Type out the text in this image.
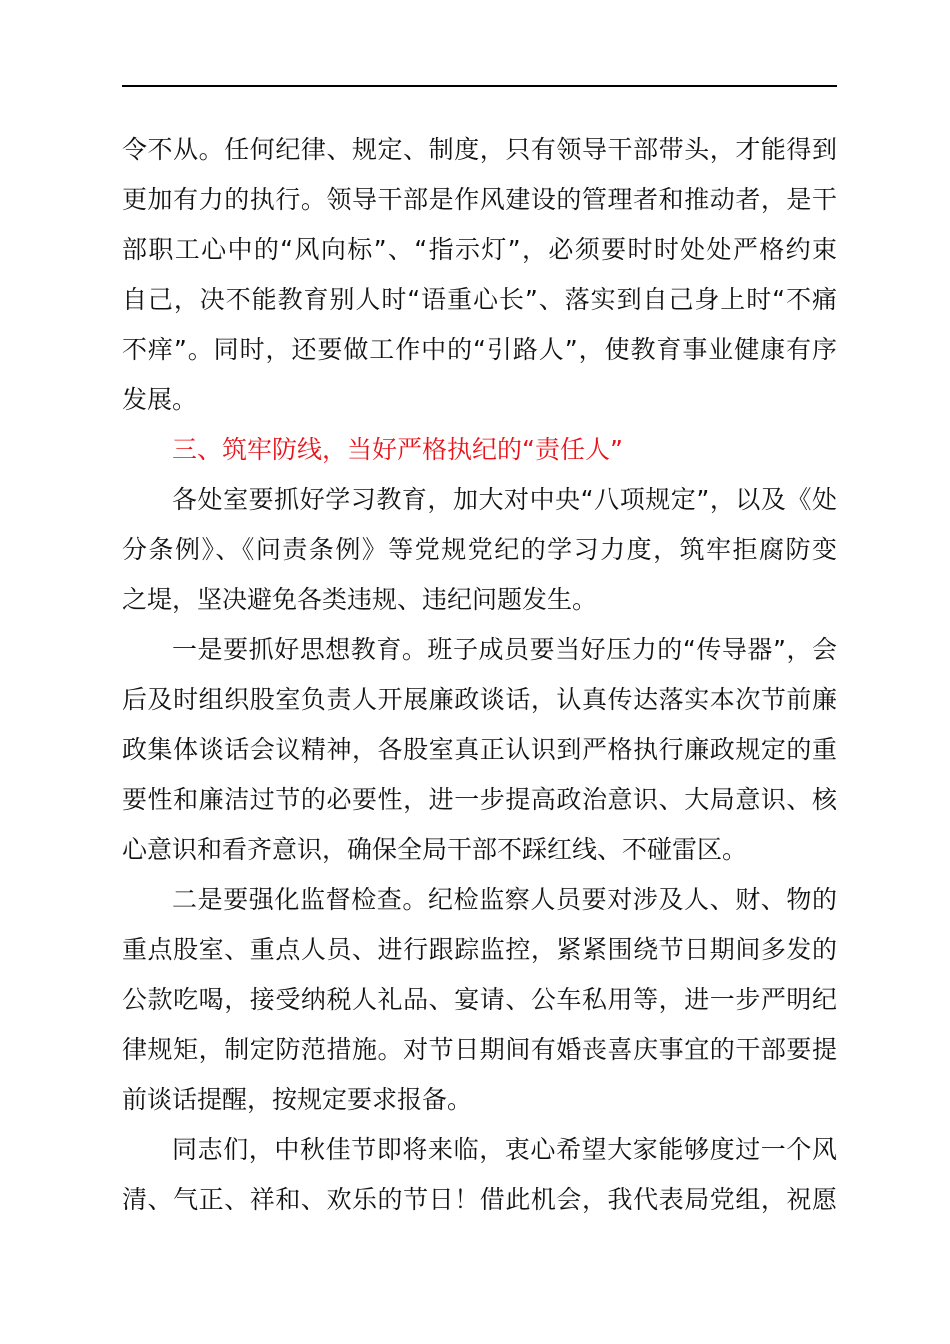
令不从。任何纪律、规定、制度，只有领导干部带头，才能得到
更加有力的执行。领导干部是作风建设的管理者和推动者，是干
部职工心中的“风向标”、“指示灯”，必须要时时处处严格约束
自己，决不能教育别人时“语重心长”、落实到自己身上时“不痛
不痒”。同时，还要做工作中的“引路人”，使教育事业健康有序
发展。
三、筑牢防线，当好严格执纪的“责任人”
各处室要抓好学习教育，加大对中央“八项规定”，以及《处
分条例》、《问责条例》等党规党纪的学习力度，筑牢拒腐防变
之堤，坚决避免各类违规、违纪问题发生。
一是要抓好思想教育。班子成员要当好压力的“传导器”，会
后及时组织股室负责人开展廉政谈话，认真传达落实本次节前廉
政集体谈话会议精神，各股室真正认识到严格执行廉政规定的重
要性和廉洁过节的必要性，进一步提高政治意识、大局意识、核
心意识和看齐意识，确保全局干部不踩红线、不碰雷区。
二是要强化监督检查。纪检监察人员要对涉及人、财、物的
重点股室、重点人员、进行跟踪监控，紧紧围绕节日期间多发的
公款吃喝，接受纳税人礼品、宴请、公车私用等，进一步严明纪
律规矩，制定防范措施。对节日期间有婚丧喜庆事宜的干部要提
前谈话提醒，按规定要求报备。
同志们，中秋佳节即将来临，衷心希望大家能够度过一个风
清、气正、祥和、欢乐的节日！借此机会，我代表局党组，祝愿
